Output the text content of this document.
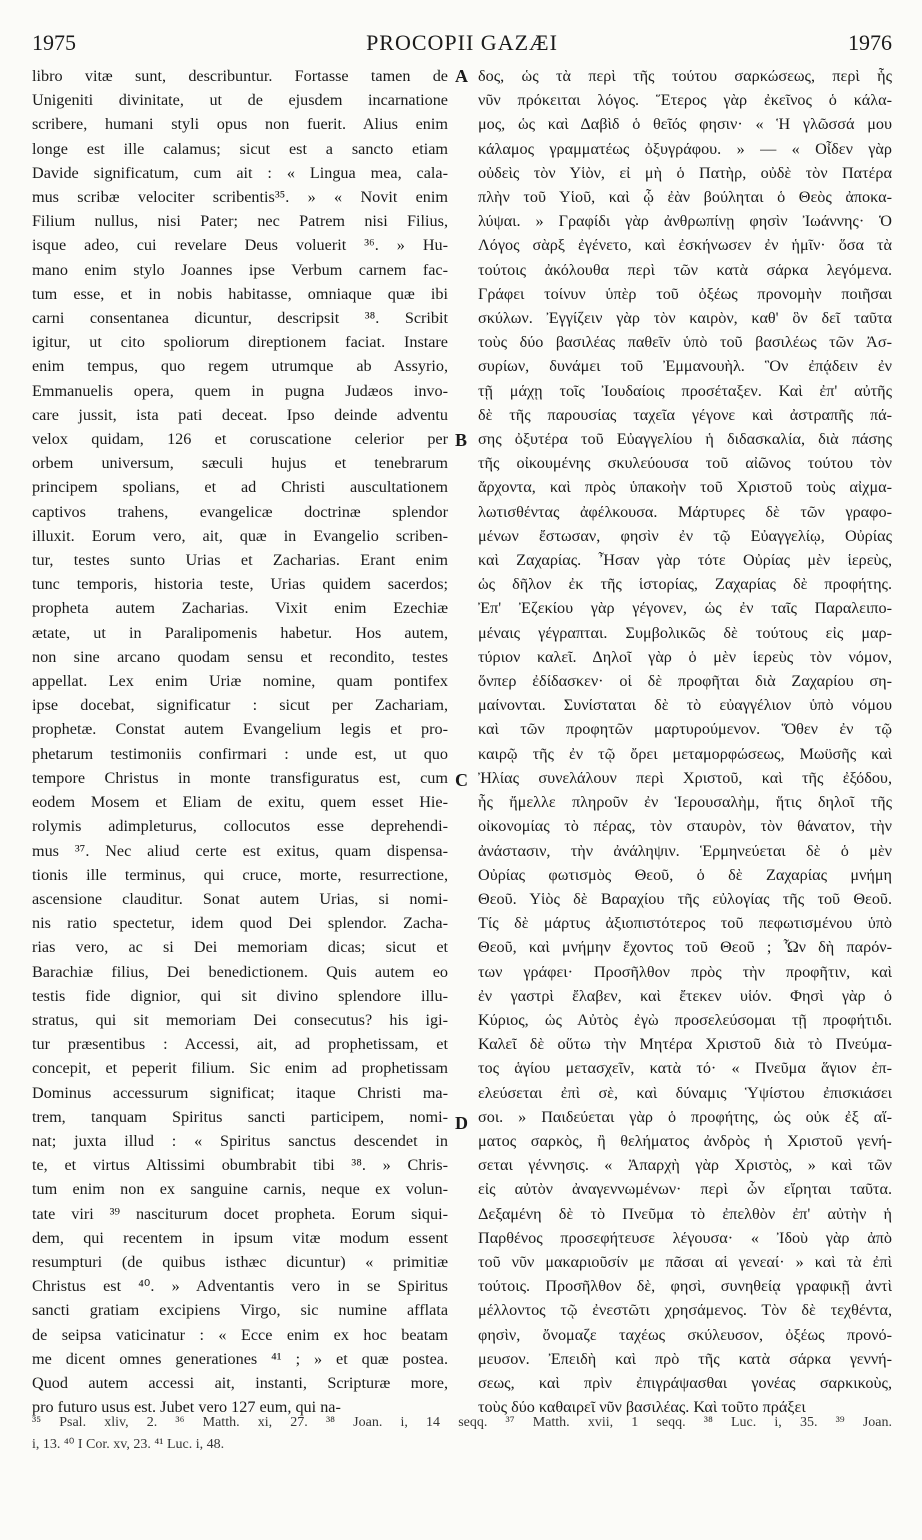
1975	PROCOPII GAZÆI	1976
libro vitæ sunt, describuntur. Fortasse tamen de
Unigeniti divinitate, ut de ejusdem incarnatione
scribere, humani styli opus non fuerit. Alius enim
longe est ille calamus; sicut est a sancto etiam
Davide significatum, cum ait : « Lingua mea, cala-
mus scribæ velociter scribentis³⁵. » « Novit enim
Filium nullus, nisi Pater; nec Patrem nisi Filius,
isque adeo, cui revelare Deus voluerit ³⁶. » Hu-
mano enim stylo Joannes ipse Verbum carnem fac-
tum esse, et in nobis habitasse, omniaque quæ ibi
carni consentanea dicuntur, descripsit ³⁸. Scribit
igitur, ut cito spoliorum direptionem faciat. Instare
enim tempus, quo regem utrumque ab Assyrio,
Emmanuelis opera, quem in pugna Judæos invo-
care jussit, ista pati deceat. Ipso deinde adventu
velox quidam, 126 et coruscatione celerior per
orbem universum, sæculi hujus et tenebrarum
principem spolians, et ad Christi auscultationem
captivos trahens, evangelicæ doctrinæ splendor
illuxit. Eorum vero, ait, quæ in Evangelio scriben-
tur, testes sunto Urias et Zacharias. Erant enim
tunc temporis, historia teste, Urias quidem sacerdos;
propheta autem Zacharias. Vixit enim Ezechiæ
ætate, ut in Paralipomenis habetur. Hos autem,
non sine arcano quodam sensu et recondito, testes
appellat. Lex enim Uriæ nomine, quam pontifex
ipse docebat, significatur : sicut per Zachariam,
prophetæ. Constat autem Evangelium legis et pro-
phetarum testimoniis confirmari : unde est, ut quo
tempore Christus in monte transfiguratus est, cum
eodem Mosem et Eliam de exitu, quem esset Hie-
rolymis adimpleturus, collocutos esse deprehendi-
mus ³⁷. Nec aliud certe est exitus, quam dispensa-
tionis ille terminus, qui cruce, morte, resurrectione,
ascensione clauditur. Sonat autem Urias, si nomi-
nis ratio spectetur, idem quod Dei splendor. Zacha-
rias vero, ac si Dei memoriam dicas; sicut et
Barachiæ filius, Dei benedictionem. Quis autem eo
testis fide dignior, qui sit divino splendore illu-
stratus, qui sit memoriam Dei consecutus? his igi-
tur præsentibus : Accessi, ait, ad prophetissam, et
concepit, et peperit filium. Sic enim ad prophetissam
Dominus accessurum significat; itaque Christi ma-
trem, tanquam Spiritus sancti participem, nomi-
nat; juxta illud : « Spiritus sanctus descendet in
te, et virtus Altissimi obumbrabit tibi ³⁸. » Chris-
tum enim non ex sanguine carnis, neque ex volun-
tate viri ³⁹ nasciturum docet propheta. Eorum siqui-
dem, qui recentem in ipsum vitæ modum essent
resumpturi (de quibus isthæc dicuntur) « primitiæ
Christus est ⁴⁰. » Adventantis vero in se Spiritus
sancti gratiam excipiens Virgo, sic numine afflata
de seipsa vaticinatur : « Ecce enim ex hoc beatam
me dicent omnes generationes ⁴¹ ; » et quæ postea.
Quod autem accessi ait, instanti, Scripturæ more,
pro futuro usus est. Jubet vero 127 eum, qui na-
δος, ὡς τὰ περὶ τῆς τούτου σαρκώσεως, περὶ ἧς
νῦν πρόκειται λόγος. Ἕτερος γὰρ ἐκεῖνος ὁ κάλα-
μος, ὡς καὶ Δαβὶδ ὁ θεῖός φησιν· « Ἡ γλῶσσά μου
κάλαμος γραμματέως ὀξυγράφου. » — « Οἶδεν γὰρ
οὐδεὶς τὸν Υἱὸν, εἰ μὴ ὁ Πατὴρ, οὐδὲ τὸν Πατέρα
πλὴν τοῦ Υἱοῦ, καὶ ᾧ ἐὰν βούληται ὁ Θεὸς ἀποκα-
λύψαι. » Γραφίδι γὰρ ἀνθρωπίνῃ φησὶν Ἰωάννης· Ὁ
Λόγος σὰρξ ἐγένετο, καὶ ἐσκήνωσεν ἐν ἡμῖν· ὅσα τὰ
τούτοις ἀκόλουθα περὶ τῶν κατὰ σάρκα λεγόμενα.
Γράφει τοίνυν ὑπὲρ τοῦ ὀξέως προνομὴν ποιῆσαι
σκύλων. Ἐγγίζειν γὰρ τὸν καιρὸν, καθ' ὃν δεῖ ταῦτα
τοὺς δύο βασιλέας παθεῖν ὑπὸ τοῦ βασιλέως τῶν Ἀσ-
συρίων, δυνάμει τοῦ Ἐμμανουὴλ. Ὃν ἐπᾴδειν ἐν
τῇ μάχῃ τοῖς Ἰουδαίοις προσέταξεν. Καὶ ἐπ' αὐτῆς
δὲ τῆς παρουσίας ταχεῖα γέγονε καὶ ἀστραπῆς πά-
σης ὀξυτέρα τοῦ Εὐαγγελίου ἡ διδασκαλία, διὰ πάσης
τῆς οἰκουμένης σκυλεύουσα τοῦ αἰῶνος τούτου τὸν
ἄρχοντα, καὶ πρὸς ὑπακοὴν τοῦ Χριστοῦ τοὺς αἰχμα-
λωτισθέντας ἀφέλκουσα. Μάρτυρες δὲ τῶν γραφο-
μένων ἔστωσαν, φησὶν ἐν τῷ Εὐαγγελίῳ, Οὐρίας
καὶ Ζαχαρίας. Ἦσαν γὰρ τότε Οὐρίας μὲν ἱερεὺς,
ὡς δῆλον ἐκ τῆς ἱστορίας, Ζαχαρίας δὲ προφήτης.
Ἐπ' Ἐζεκίου γὰρ γέγονεν, ὡς ἐν ταῖς Παραλειπο-
μέναις γέγραπται. Συμβολικῶς δὲ τούτους εἰς μαρ-
τύριον καλεῖ. Δηλοῖ γὰρ ὁ μὲν ἱερεὺς τὸν νόμον,
ὅνπερ ἐδίδασκεν· οἱ δὲ προφῆται διὰ Ζαχαρίου ση-
μαίνονται. Συνίσταται δὲ τὸ εὐαγγέλιον ὑπὸ νόμου
καὶ τῶν προφητῶν μαρτυρούμενον. Ὅθεν ἐν τῷ
καιρῷ τῆς ἐν τῷ ὄρει μεταμορφώσεως, Μωϋσῆς καὶ
Ἠλίας συνελάλουν περὶ Χριστοῦ, καὶ τῆς ἐξόδου,
ἧς ἤμελλε πληροῦν ἐν Ἱερουσαλὴμ, ἥτις δηλοῖ τῆς
οἰκονομίας τὸ πέρας, τὸν σταυρὸν, τὸν θάνατον, τὴν
ἀνάστασιν, τὴν ἀνάληψιν. Ἑρμηνεύεται δὲ ὁ μὲν
Οὐρίας φωτισμὸς Θεοῦ, ὁ δὲ Ζαχαρίας μνήμη
Θεοῦ. Υἱὸς δὲ Βαραχίου τῆς εὐλογίας τῆς τοῦ Θεοῦ.
Τίς δὲ μάρτυς ἀξιοπιστότερος τοῦ πεφωτισμένου ὑπὸ
Θεοῦ, καὶ μνήμην ἔχοντος τοῦ Θεοῦ ; Ὧν δὴ παρόν-
των γράφει· Προσῆλθον πρὸς τὴν προφῆτιν, καὶ
ἐν γαστρὶ ἔλαβεν, καὶ ἔτεκεν υἱόν. Φησὶ γὰρ ὁ
Κύριος, ὡς Αὐτὸς ἐγὼ προσελεύσομαι τῇ προφήτιδι.
Καλεῖ δὲ οὕτω τὴν Μητέρα Χριστοῦ διὰ τὸ Πνεύμα-
τος ἁγίου μετασχεῖν, κατὰ τό· « Πνεῦμα ἅγιον ἐπ-
ελεύσεται ἐπὶ σὲ, καὶ δύναμις Ὑψίστου ἐπισκιάσει
σοι. » Παιδεύεται γὰρ ὁ προφήτης, ὡς οὐκ ἐξ αἵ-
ματος σαρκὸς, ἢ θελήματος ἀνδρὸς ἡ Χριστοῦ γενή-
σεται γέννησις. « Ἀπαρχὴ γὰρ Χριστὸς, » καὶ τῶν
εἰς αὐτὸν ἀναγεννωμένων· περὶ ὧν εἴρηται ταῦτα.
Δεξαμένη δὲ τὸ Πνεῦμα τὸ ἐπελθὸν ἐπ' αὐτὴν ἡ
Παρθένος προσεφήτευσε λέγουσα· « Ἰδοὺ γὰρ ἀπὸ
τοῦ νῦν μακαριοῦσίν με πᾶσαι αἱ γενεαί· » καὶ τὰ ἐπὶ
τούτοις. Προσῆλθον δὲ, φησὶ, συνηθείᾳ γραφικῇ ἀντὶ
μέλλοντος τῷ ἐνεστῶτι χρησάμενος. Τὸν δὲ τεχθέντα,
φησὶν, ὄνομαζε ταχέως σκύλευσον, ὀξέως προνό-
μευσον. Ἐπειδὴ καὶ πρὸ τῆς κατὰ σάρκα γεννή-
σεως, καὶ πρὶν ἐπιγράψασθαι γονέας σαρκικοὺς,
τοὺς δύο καθαιρεῖ νῦν βασιλέας. Καὶ τοῦτο πράξει
A
B
C
D
³⁵ Psal. xliv, 2. ³⁶ Matth. xi, 27. ³⁸ Joan. i, 14 seqq. ³⁷ Matth. xvii, 1 seqq. ³⁸ Luc. i, 35. ³⁹ Joan.
i, 13. ⁴⁰ I Cor. xv, 23. ⁴¹ Luc. i, 48.
